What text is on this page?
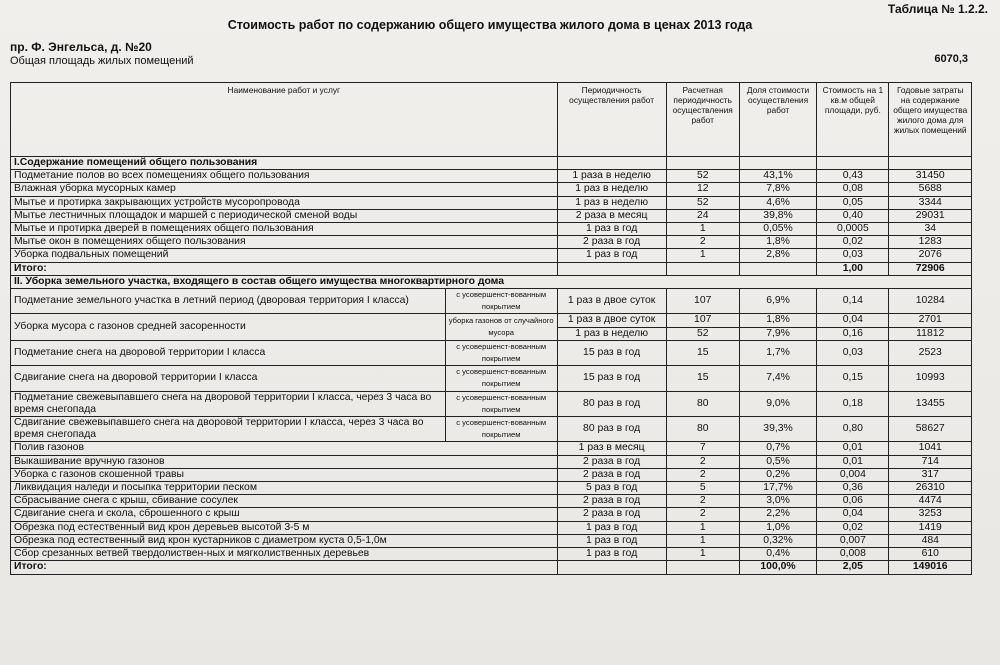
Таблица № 1.2.2.
Стоимость работ по содержанию общего имущества жилого дома в ценах 2013 года
пр. Ф. Энгельса, д. №20
Общая площадь жилых помещений	6070,3
Наименование работ и услуг		Периодичность осуществления работ	Расчетная периодичность осуществления работ	Доля стоимости осуществления работ	Стоимость на 1 кв.м общей площади, руб.	Годовые затраты на содержание общего имущества жилого дома для жилых помещений
I.Содержание помещений общего пользования						
Подметание полов во всех помещениях общего пользования		1 раза в неделю	52	43,1%	0,43	31450
Влажная уборка мусорных камер		1 раз в неделю	12	7,8%	0,08	5688
Мытье и протирка закрывающих устройств мусоропровода		1 раз в неделю	52	4,6%	0,05	3344
Мытье лестничных площадок и маршей с периодической сменой воды		2 раза в месяц	24	39,8%	0,40	29031
Мытье и протирка дверей в помещениях общего пользования		1 раз в год	1	0,05%	0,0005	34
Мытье окон в помещениях общего пользования		2 раза в год	2	1,8%	0,02	1283
Уборка подвальных помещений		1 раз в год	1	2,8%	0,03	2076
Итого:					1,00	72906
II. Уборка земельного участка, входящего в состав общего имущества многоквартирного дома						
Подметание земельного участка в летний период (дворовая территория I класса)	с усовершенст-вованным покрытием	1 раз в двое суток	107	6,9%	0,14	10284
Уборка мусора с газонов средней засоренности	уборка газонов от случайного мусора	1 раз в двое суток	107	1,8%	0,04	2701
		1 раз в неделю	52	7,9%	0,16	11812
Подметание снега на дворовой территории I класса	с усовершенст-вованным покрытием	15 раз в год	15	1,7%	0,03	2523
Сдвигание снега на дворовой территории I класса	с усовершенст-вованным покрытием	15 раз в год	15	7,4%	0,15	10993
Подметание свежевыпавшего снега на дворовой территории I класса, через 3 часа во время снегопада	с усовершенст-вованным покрытием	80 раз в год	80	9,0%	0,18	13455
Сдвигание свежевыпавшего снега на дворовой территории I класса, через 3 часа во время снегопада	с усовершенст-вованным покрытием	80 раз в год	80	39,3%	0,80	58627
Полив газонов		1 раз в месяц	7	0,7%	0,01	1041
Выкашивание вручную газонов		2 раза в год	2	0,5%	0,01	714
Уборка с газонов скошенной травы		2 раза в год	2	0,2%	0,004	317
Ликвидация наледи и посыпка территории песком		5 раз в год	5	17,7%	0,36	26310
Сбрасывание снега с крыш, сбивание сосулек		2 раза в год	2	3,0%	0,06	4474
Сдвигание снега и скола, сброшенного с крыш		2 раза в год	2	2,2%	0,04	3253
Обрезка под естественный вид крон деревьев высотой 3-5 м		1 раз в год	1	1,0%	0,02	1419
Обрезка под естественный вид крон кустарников с диаметром куста 0,5-1,0м		1 раз в год	1	0,32%	0,007	484
Сбор срезанных ветвей твердолиствен-ных и мягколиственных деревьев		1 раз в год	1	0,4%	0,008	610
Итого:				100,0%	2,05	149016
